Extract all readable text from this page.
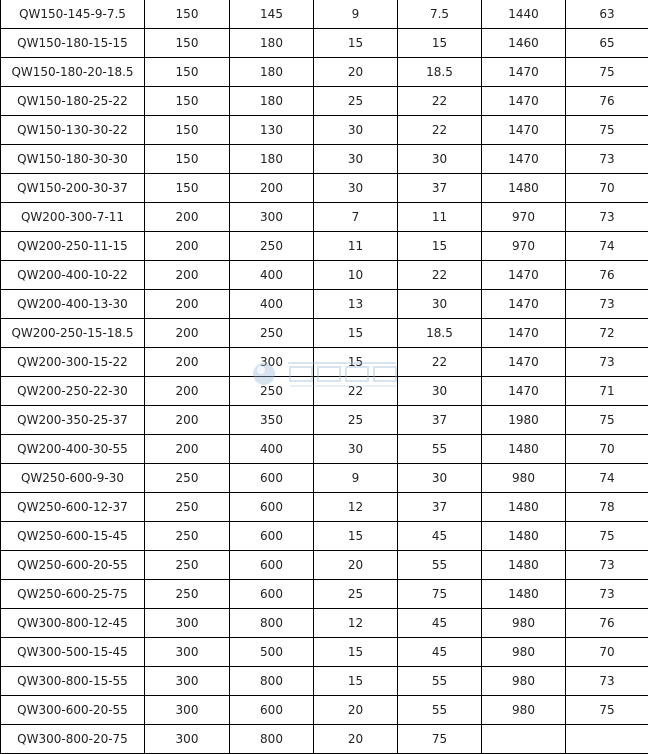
QW150-145-9-7.5	150	145	9	7.5	1440	63
QW150-180-15-15	150	180	15	15	1460	65
QW150-180-20-18.5	150	180	20	18.5	1470	75
QW150-180-25-22	150	180	25	22	1470	76
QW150-130-30-22	150	130	30	22	1470	75
QW150-180-30-30	150	180	30	30	1470	73
QW150-200-30-37	150	200	30	37	1480	70
QW200-300-7-11	200	300	7	11	970	73
QW200-250-11-15	200	250	11	15	970	74
QW200-400-10-22	200	400	10	22	1470	76
QW200-400-13-30	200	400	13	30	1470	73
QW200-250-15-18.5	200	250	15	18.5	1470	72
QW200-300-15-22	200	300	15	22	1470	73
QW200-250-22-30	200	250	22	30	1470	71
QW200-350-25-37	200	350	25	37	1980	75
QW200-400-30-55	200	400	30	55	1480	70
QW250-600-9-30	250	600	9	30	980	74
QW250-600-12-37	250	600	12	37	1480	78
QW250-600-15-45	250	600	15	45	1480	75
QW250-600-20-55	250	600	20	55	1480	73
QW250-600-25-75	250	600	25	75	1480	73
QW300-800-12-45	300	800	12	45	980	76
QW300-500-15-45	300	500	15	45	980	70
QW300-800-15-55	300	800	15	55	980	73
QW300-600-20-55	300	600	20	55	980	75
QW300-800-20-75	300	800	20	75		
